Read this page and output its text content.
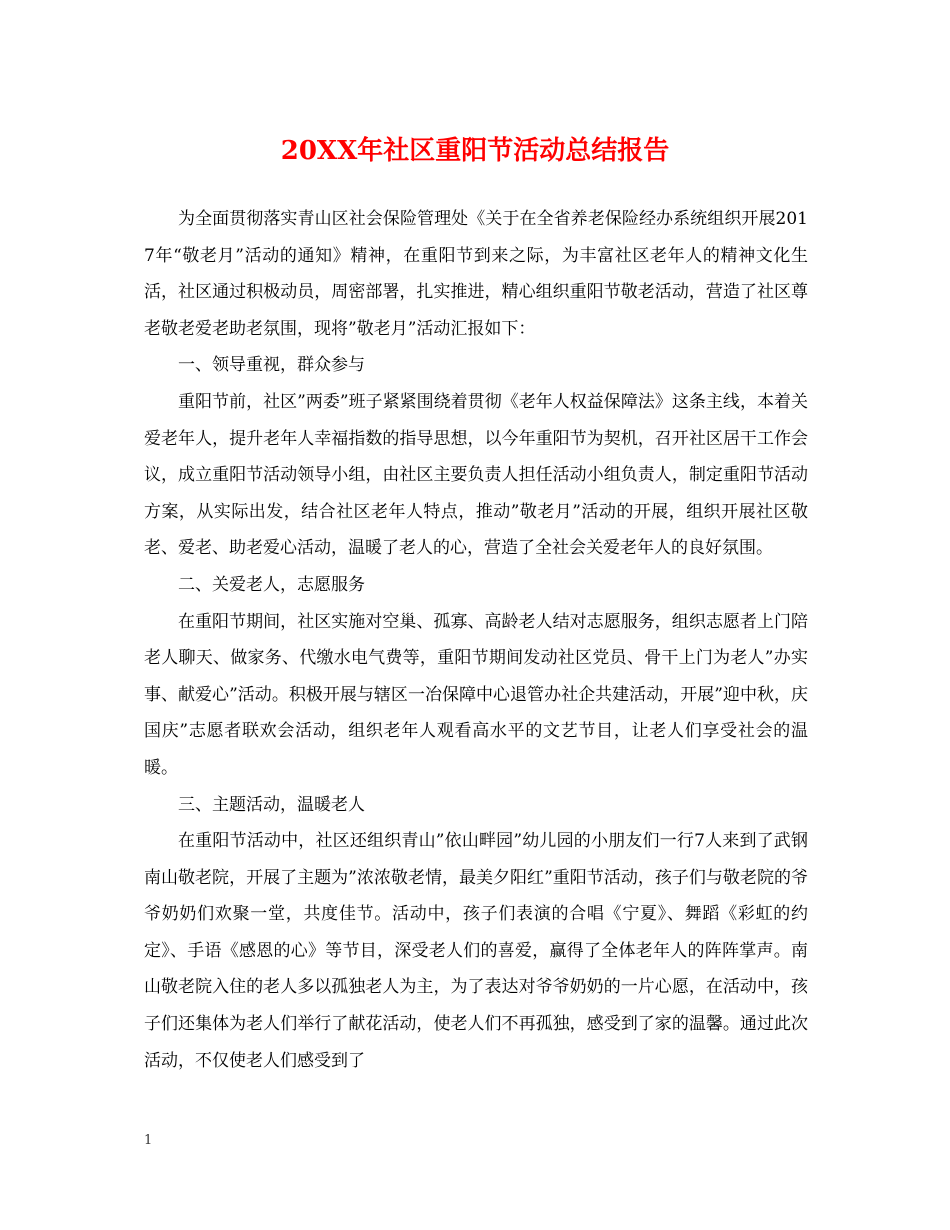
20XX年社区重阳节活动总结报告

为全面贯彻落实青山区社会保险管理处《关于在全省养老保险经办系统组织开展2017年“敬老月”活动的通知》精神，在重阳节到来之际，为丰富社区老年人的精神文化生活，社区通过积极动员，周密部署，扎实推进，精心组织重阳节敬老活动，营造了社区尊老敬老爱老助老氛围，现将”敬老月”活动汇报如下：

一、领导重视，群众参与

重阳节前，社区”两委”班子紧紧围绕着贯彻《老年人权益保障法》这条主线，本着关爱老年人，提升老年人幸福指数的指导思想，以今年重阳节为契机，召开社区居干工作会议，成立重阳节活动领导小组，由社区主要负责人担任活动小组负责人，制定重阳节活动方案，从实际出发，结合社区老年人特点，推动”敬老月”活动的开展，组织开展社区敬老、爱老、助老爱心活动，温暖了老人的心，营造了全社会关爱老年人的良好氛围。

二、关爱老人，志愿服务

在重阳节期间，社区实施对空巢、孤寡、高龄老人结对志愿服务，组织志愿者上门陪老人聊天、做家务、代缴水电气费等，重阳节期间发动社区党员、骨干上门为老人”办实事、献爱心”活动。积极开展与辖区一冶保障中心退管办社企共建活动，开展”迎中秋，庆国庆”志愿者联欢会活动，组织老年人观看高水平的文艺节目，让老人们享受社会的温暖。

三、主题活动，温暖老人

在重阳节活动中，社区还组织青山”依山畔园”幼儿园的小朋友们一行7人来到了武钢南山敬老院，开展了主题为”浓浓敬老情，最美夕阳红”重阳节活动，孩子们与敬老院的爷爷奶奶们欢聚一堂，共度佳节。活动中，孩子们表演的合唱《宁夏》、舞蹈《彩虹的约定》、手语《感恩的心》等节目，深受老人们的喜爱，赢得了全体老年人的阵阵掌声。南山敬老院入住的老人多以孤独老人为主，为了表达对爷爷奶奶的一片心愿，在活动中，孩子们还集体为老人们举行了献花活动，使老人们不再孤独，感受到了家的温馨。通过此次活动，不仅使老人们感受到了

1
